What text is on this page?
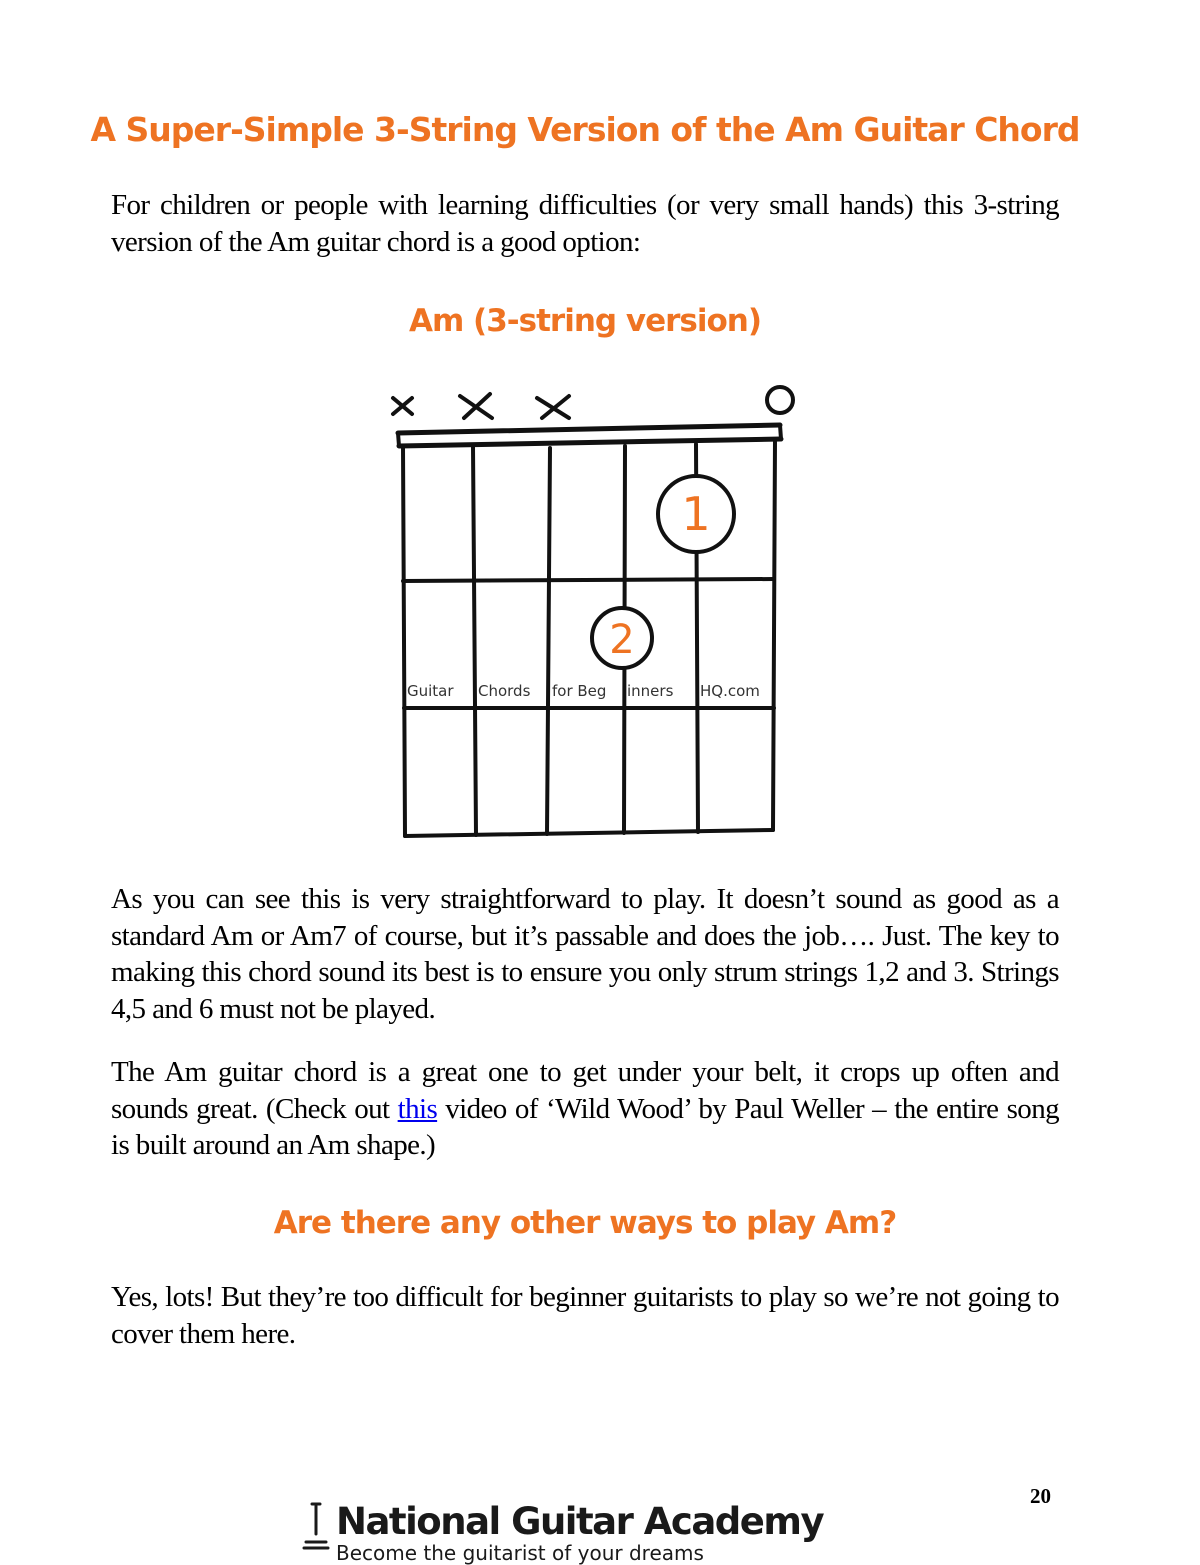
A Super-Simple 3-String Version of the Am Guitar Chord

For children or people with learning difficulties (or very small hands) this 3-string version of the Am guitar chord is a good option:

Am (3-string version)
1
2
Guitar Chords for Beg inners HQ.com

As you can see this is very straightforward to play. It doesn’t sound as good as a standard Am or Am7 of course, but it’s passable and does the job…. Just. The key to making this chord sound its best is to ensure you only strum strings 1,2 and 3. Strings 4,5 and 6 must not be played.

The Am guitar chord is a great one to get under your belt, it crops up often and sounds great. (Check out this video of ‘Wild Wood’ by Paul Weller – the entire song is built around an Am shape.)

Are there any other ways to play Am?

Yes, lots! But they’re too difficult for beginner guitarists to play so we’re not going to cover them here.

20
National Guitar Academy
Become the guitarist of your dreams
